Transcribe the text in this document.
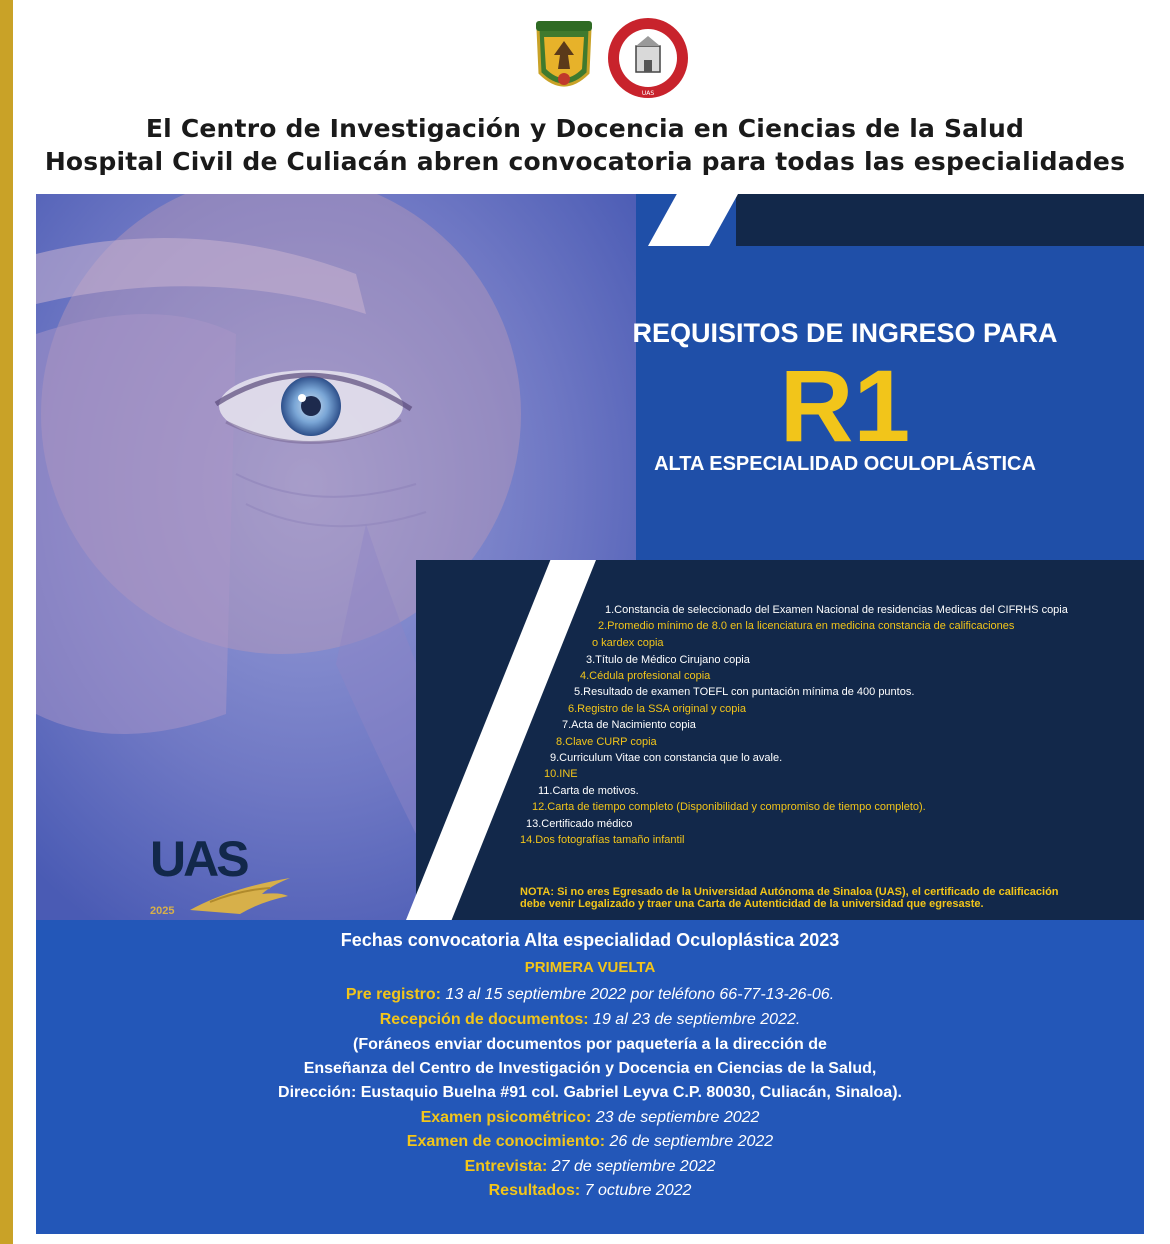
UAS
El Centro de Investigación y Docencia en Ciencias de la Salud
Hospital Civil de Culiacán abren convocatoria para todas las especialidades
REQUISITOS DE INGRESO PARA
R1
ALTA ESPECIALIDAD OCULOPLÁSTICA
1.Constancia de seleccionado del Examen Nacional de residencias Medicas del CIFRHS copia
2.Promedio mínimo de 8.0 en la licenciatura en medicina constancia de calificaciones
o kardex copia
3.Título de Médico Cirujano copia
4.Cédula profesional copia
5.Resultado de examen TOEFL con puntación mínima de 400 puntos.
6.Registro de la SSA original y copia
7.Acta de Nacimiento copia
8.Clave CURP copia
9.Curriculum Vitae con constancia que lo avale.
10.INE
11.Carta de motivos.
12.Carta de tiempo completo (Disponibilidad y compromiso de tiempo completo).
13.Certificado médico
14.Dos fotografías tamaño infantil
NOTA: Si no eres Egresado de la Universidad Autónoma de Sinaloa (UAS), el certificado de calificación
debe venir Legalizado y traer una Carta de Autenticidad de la universidad que egresaste.
UAS
2025
Fechas convocatoria Alta especialidad Oculoplástica 2023
PRIMERA VUELTA
Pre registro: 13 al 15 septiembre 2022 por teléfono 66-77-13-26-06.
Recepción de documentos: 19 al 23 de septiembre 2022.
(Foráneos enviar documentos por paquetería a la dirección de
Enseñanza del Centro de Investigación y Docencia en Ciencias de la Salud,
Dirección: Eustaquio Buelna #91 col. Gabriel Leyva C.P. 80030, Culiacán, Sinaloa).
Examen psicométrico: 23 de septiembre 2022
Examen de conocimiento: 26 de septiembre 2022
Entrevista: 27 de septiembre 2022
Resultados: 7 octubre 2022
